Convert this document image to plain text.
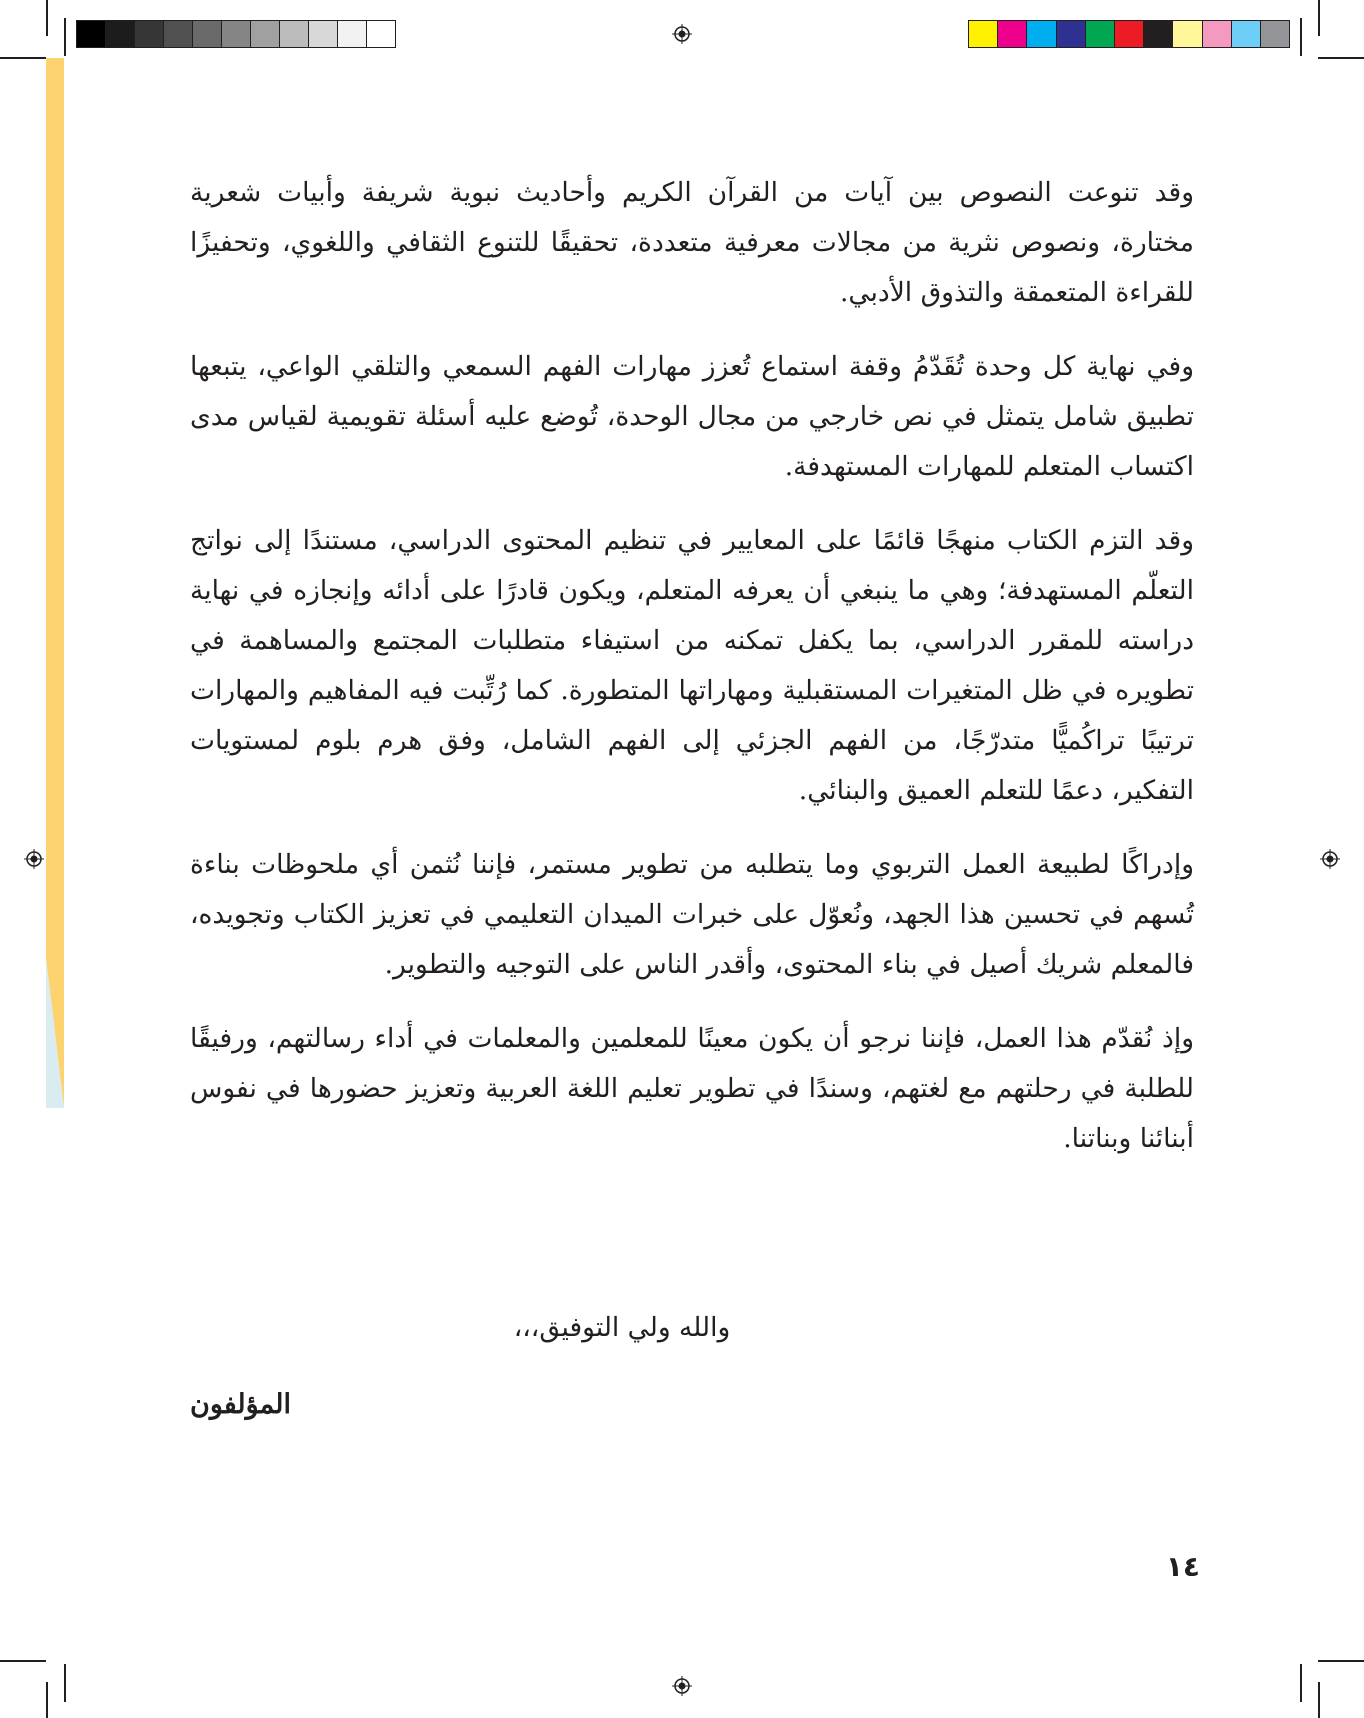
وقد تنوعت النصوص بين آيات من القرآن الكريم وأحاديث نبوية شريفة وأبيات شعرية مختارة، ونصوص نثرية من مجالات معرفية متعددة، تحقيقًا للتنوع الثقافي واللغوي، وتحفيزًا للقراءة المتعمقة والتذوق الأدبي.

وفي نهاية كل وحدة تُقَدّمُ وقفة استماع تُعزز مهارات الفهم السمعي والتلقي الواعي، يتبعها تطبيق شامل يتمثل في نص خارجي من مجال الوحدة، تُوضع عليه أسئلة تقويمية لقياس مدى اكتساب المتعلم للمهارات المستهدفة.

وقد التزم الكتاب منهجًا قائمًا على المعايير في تنظيم المحتوى الدراسي، مستندًا إلى نواتج التعلّم المستهدفة؛ وهي ما ينبغي أن يعرفه المتعلم، ويكون قادرًا على أدائه وإنجازه في نهاية دراسته للمقرر الدراسي، بما يكفل تمكنه من استيفاء متطلبات المجتمع والمساهمة في تطويره في ظل المتغيرات المستقبلية ومهاراتها المتطورة. كما رُتِّبت فيه المفاهيم والمهارات ترتيبًا تراكُميًّا متدرّجًا، من الفهم الجزئي إلى الفهم الشامل، وفق هرم بلوم لمستويات التفكير، دعمًا للتعلم العميق والبنائي.

وإدراكًا لطبيعة العمل التربوي وما يتطلبه من تطوير مستمر، فإننا نُثمن أي ملحوظات بناءة تُسهم في تحسين هذا الجهد، ونُعوّل على خبرات الميدان التعليمي في تعزيز الكتاب وتجويده، فالمعلم شريك أصيل في بناء المحتوى، وأقدر الناس على التوجيه والتطوير.

وإذ نُقدّم هذا العمل، فإننا نرجو أن يكون معينًا للمعلمين والمعلمات في أداء رسالتهم، ورفيقًا للطلبة في رحلتهم مع لغتهم، وسندًا في تطوير تعليم اللغة العربية وتعزيز حضورها في نفوس أبنائنا وبناتنا.

والله ولي التوفيق،،،
المؤلفون
١٤
